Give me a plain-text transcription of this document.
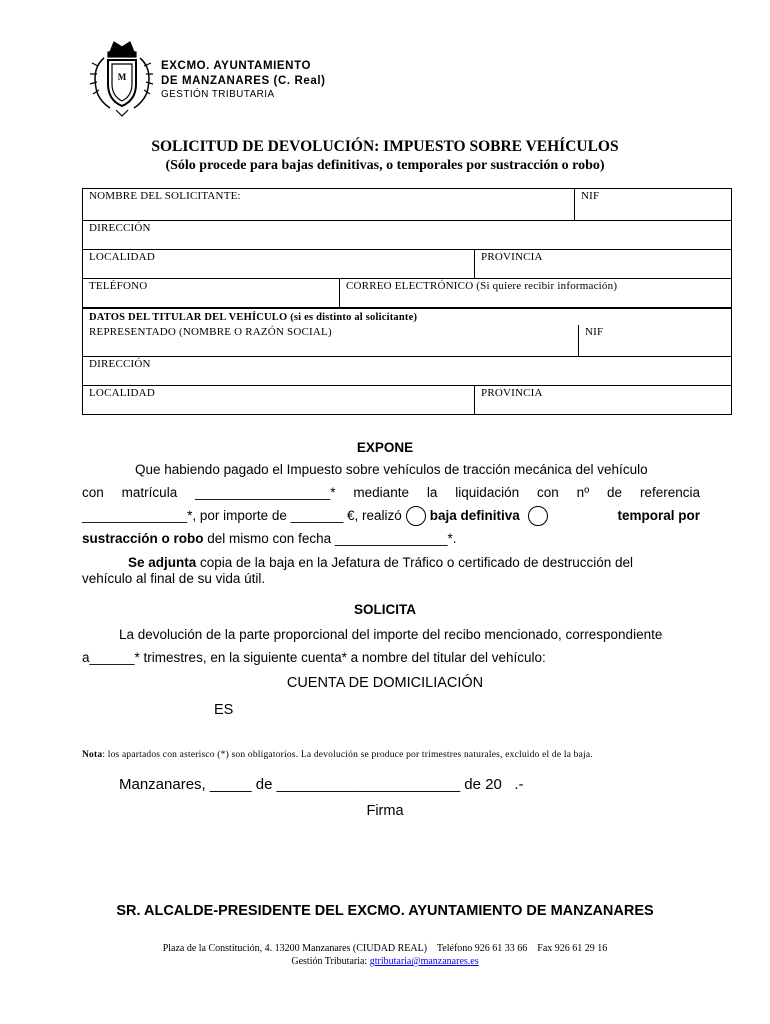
M
EXCMO. AYUNTAMIENTO
DE MANZANARES (C. Real)
GESTIÓN TRIBUTARIA
SOLICITUD DE DEVOLUCIÓN: IMPUESTO SOBRE VEHÍCULOS
(Sólo procede para bajas definitivas, o temporales por sustracción o robo)
NOMBRE DEL SOLICITANTE:	NIF
DIRECCIÓN
LOCALIDAD	PROVINCIA
TELÉFONO	CORREO ELECTRÓNICO (Si quiere recibir información)
DATOS DEL TITULAR DEL VEHÍCULO (si es distinto al solicitante)
REPRESENTADO (NOMBRE O RAZÓN SOCIAL)	NIF
DIRECCIÓN
LOCALIDAD	PROVINCIA
EXPONE
Que habiendo pagado el Impuesto sobre vehículos de tracción mecánica del vehículo
con matrícula __________________* mediante la liquidación con nº de referencia
______________*, por importe de _______ €, realizó baja definitiva	temporal por
sustracción o robo del mismo con fecha _______________*.
Se adjunta copia de la baja en la Jefatura de Tráfico o certificado de destrucción del
vehículo al final de su vida útil.
SOLICITA
La devolución de la parte proporcional del importe del recibo mencionado, correspondiente
a______* trimestres, en la siguiente cuenta* a nombre del titular del vehículo:
CUENTA DE DOMICILIACIÓN
ES
Nota: los apartados con asterisco (*) son obligatorios. La devolución se produce por trimestres naturales, excluido el de la baja.
Manzanares, _____ de ______________________ de 20   .-
Firma
SR. ALCALDE-PRESIDENTE DEL EXCMO. AYUNTAMIENTO DE MANZANARES
Plaza de la Constitución, 4. 13200 Manzanares (CIUDAD REAL)    Teléfono 926 61 33 66    Fax 926 61 29 16
Gestión Tributaria: gtributaria@manzanares.es
